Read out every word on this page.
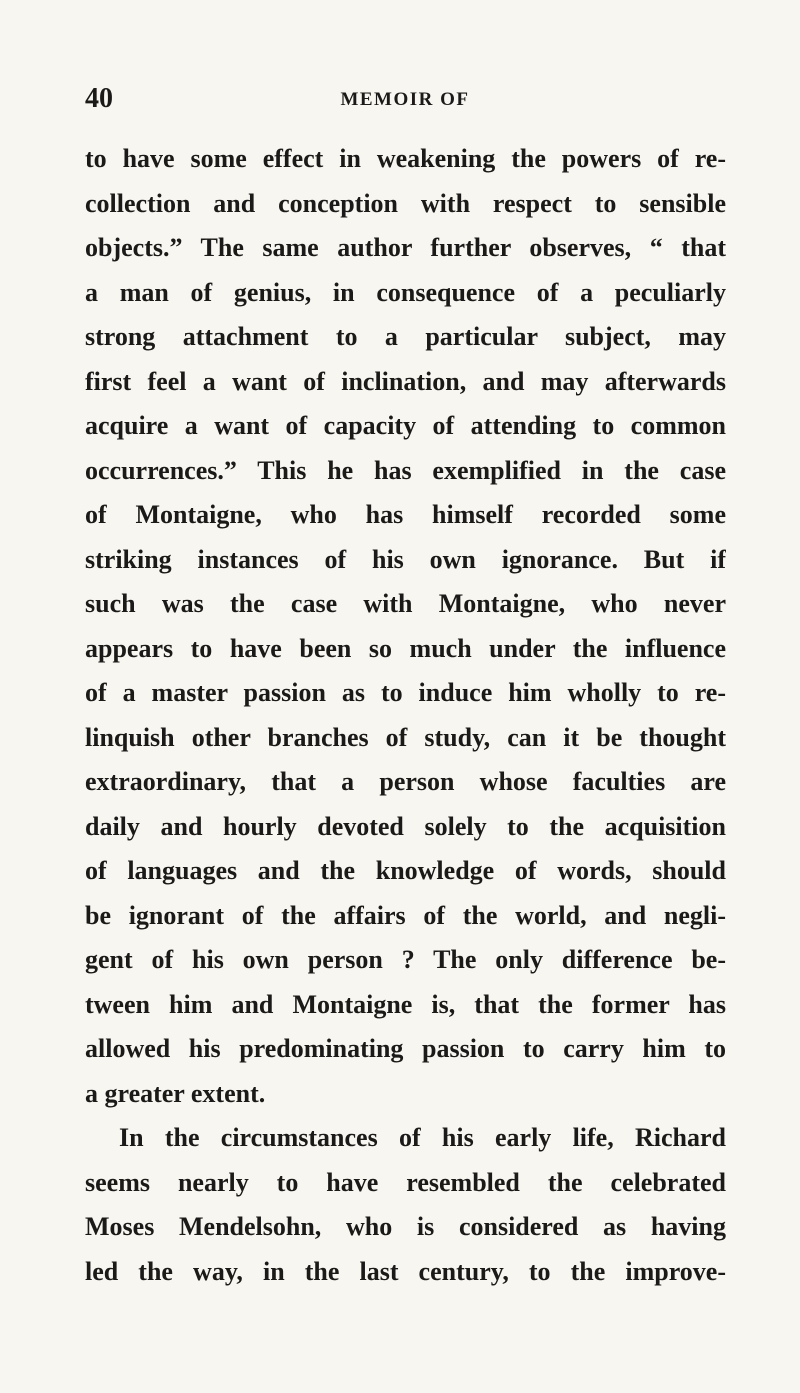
40	MEMOIR OF
to have some effect in weakening the powers of re-
collection and conception with respect to sensible
objects.” The same author further observes, “ that
a man of genius, in consequence of a peculiarly
strong attachment to a particular subject, may
first feel a want of inclination, and may afterwards
acquire a want of capacity of attending to common
occurrences.” This he has exemplified in the case
of Montaigne, who has himself recorded some
striking instances of his own ignorance. But if
such was the case with Montaigne, who never
appears to have been so much under the influence
of a master passion as to induce him wholly to re-
linquish other branches of study, can it be thought
extraordinary, that a person whose faculties are
daily and hourly devoted solely to the acquisition
of languages and the knowledge of words, should
be ignorant of the affairs of the world, and negli-
gent of his own person ? The only difference be-
tween him and Montaigne is, that the former has
allowed his predominating passion to carry him to
a greater extent.
In the circumstances of his early life, Richard
seems nearly to have resembled the celebrated
Moses Mendelsohn, who is considered as having
led the way, in the last century, to the improve-
